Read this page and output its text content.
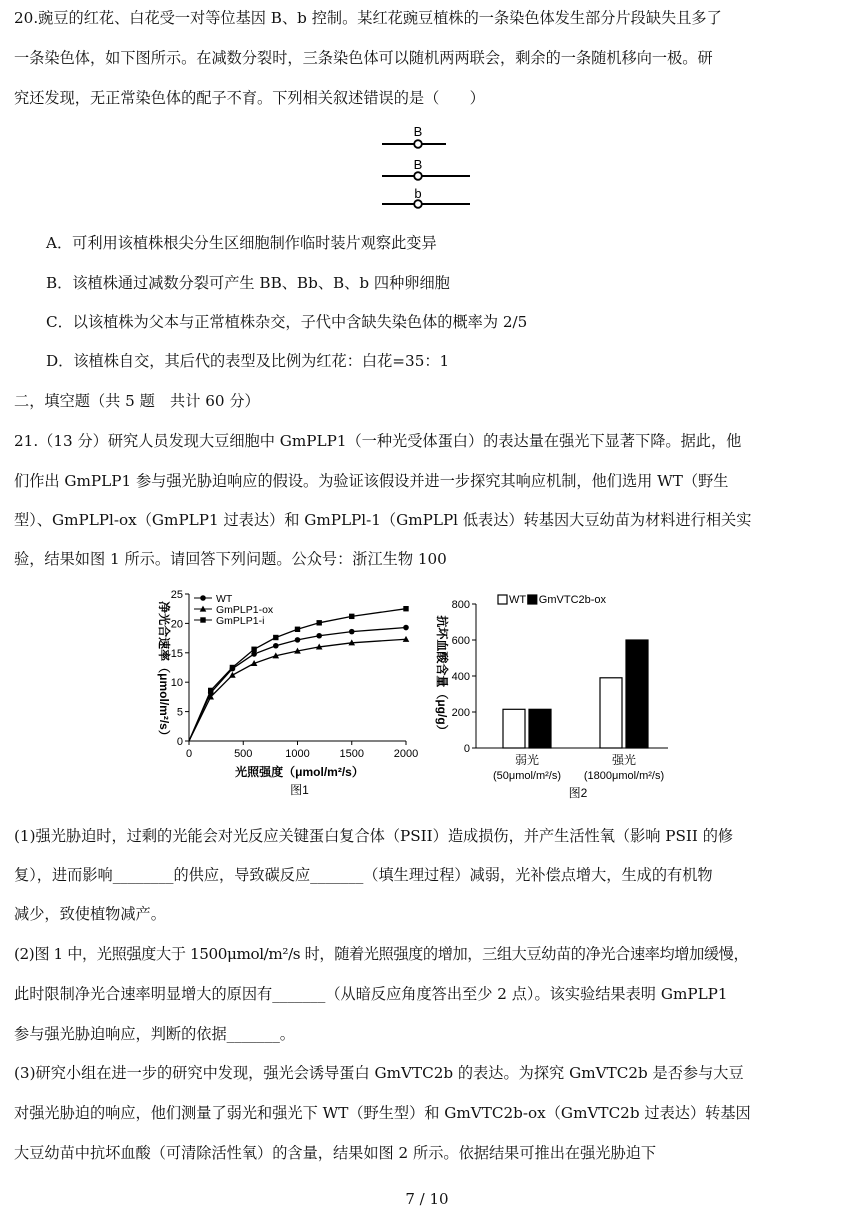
20.豌豆的红花、白花受一对等位基因 B、b 控制。某红花豌豆植株的一条染色体发生部分片段缺失且多了
一条染色体，如下图所示。在减数分裂时，三条染色体可以随机两两联会，剩余的一条随机移向一极。研
究还发现，无正常染色体的配子不育。下列相关叙述错误的是（　　）
B
B
b
A．可利用该植株根尖分生区细胞制作临时装片观察此变异
B．该植株通过减数分裂可产生 BB、Bb、B、b 四种卵细胞
C．以该植株为父本与正常植株杂交，子代中含缺失染色体的概率为 2/5
D．该植株自交，其后代的表型及比例为红花：白花=35：1
二，填空题（共 5 题　共计 60 分）
21.（13 分）研究人员发现大豆细胞中 GmPLP1（一种光受体蛋白）的表达量在强光下显著下降。据此，他
们作出 GmPLP1 参与强光胁迫响应的假设。为验证该假设并进一步探究其响应机制，他们选用 WT（野生
型）、GmPLPl-ox（GmPLP1 过表达）和 GmPLPl-1（GmPLPl 低表达）转基因大豆幼苗为材料进行相关实
验，结果如图 1 所示。请回答下列问题。公众号：浙江生物 100
0
5
10
15
20
25
0	500	1000	1500	2000
光照强度（μmol/m²/s）
净光合速率（μmol/m²/s）
图1
WT
GmPLP1-ox
GmPLP1-i
0
200
400
600
800
抗坏血酸含量（μg/g）
弱光
(50μmol/m²/s)
强光
(1800μmol/m²/s)
图2
WT GmVTC2b-ox
(1)强光胁迫时，过剩的光能会对光反应关键蛋白复合体（PSII）造成损伤，并产生活性氧（影响 PSII 的修
复），进而影响________的供应，导致碳反应_______（填生理过程）减弱，光补偿点增大，生成的有机物
减少，致使植物减产。
(2)图 1 中，光照强度大于 1500μmol/m²/s 时，随着光照强度的增加，三组大豆幼苗的净光合速率均增加缓慢，
此时限制净光合速率明显增大的原因有_______（从暗反应角度答出至少 2 点）。该实验结果表明 GmPLP1
参与强光胁迫响应，判断的依据_______。
(3)研究小组在进一步的研究中发现，强光会诱导蛋白 GmVTC2b 的表达。为探究 GmVTC2b 是否参与大豆
对强光胁迫的响应，他们测量了弱光和强光下 WT（野生型）和 GmVTC2b-ox（GmVTC2b 过表达）转基因
大豆幼苗中抗坏血酸（可清除活性氧）的含量，结果如图 2 所示。依据结果可推出在强光胁迫下
7 / 10
